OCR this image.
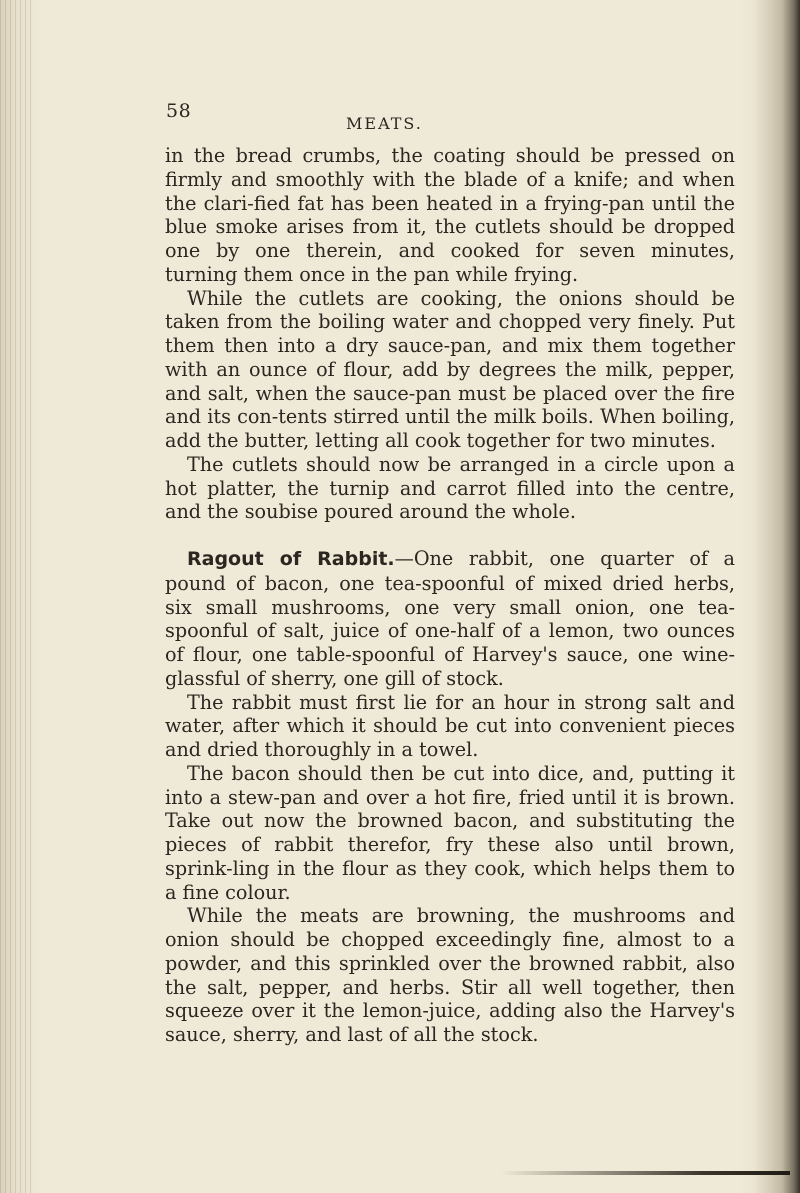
58

MEATS.

in the bread crumbs, the coating should be pressed on firmly and smoothly with the blade of a knife; and when the clari-fied fat has been heated in a frying-pan until the blue smoke arises from it, the cutlets should be dropped one by one therein, and cooked for seven minutes, turning them once in the pan while frying.

While the cutlets are cooking, the onions should be taken from the boiling water and chopped very finely. Put them then into a dry sauce-pan, and mix them together with an ounce of flour, add by degrees the milk, pepper, and salt, when the sauce-pan must be placed over the fire and its con-tents stirred until the milk boils. When boiling, add the butter, letting all cook together for two minutes.

The cutlets should now be arranged in a circle upon a hot platter, the turnip and carrot filled into the centre, and the soubise poured around the whole.

Ragout of Rabbit.—One rabbit, one quarter of a pound of bacon, one tea-spoonful of mixed dried herbs, six small mushrooms, one very small onion, one tea-spoonful of salt, juice of one-half of a lemon, two ounces of flour, one table-spoonful of Harvey's sauce, one wine-glassful of sherry, one gill of stock.

The rabbit must first lie for an hour in strong salt and water, after which it should be cut into convenient pieces and dried thoroughly in a towel.

The bacon should then be cut into dice, and, putting it into a stew-pan and over a hot fire, fried until it is brown. Take out now the browned bacon, and substituting the pieces of rabbit therefor, fry these also until brown, sprink-ling in the flour as they cook, which helps them to a fine colour.

While the meats are browning, the mushrooms and onion should be chopped exceedingly fine, almost to a powder, and this sprinkled over the browned rabbit, also the salt, pepper, and herbs. Stir all well together, then squeeze over it the lemon-juice, adding also the Harvey's sauce, sherry, and last of all the stock.
